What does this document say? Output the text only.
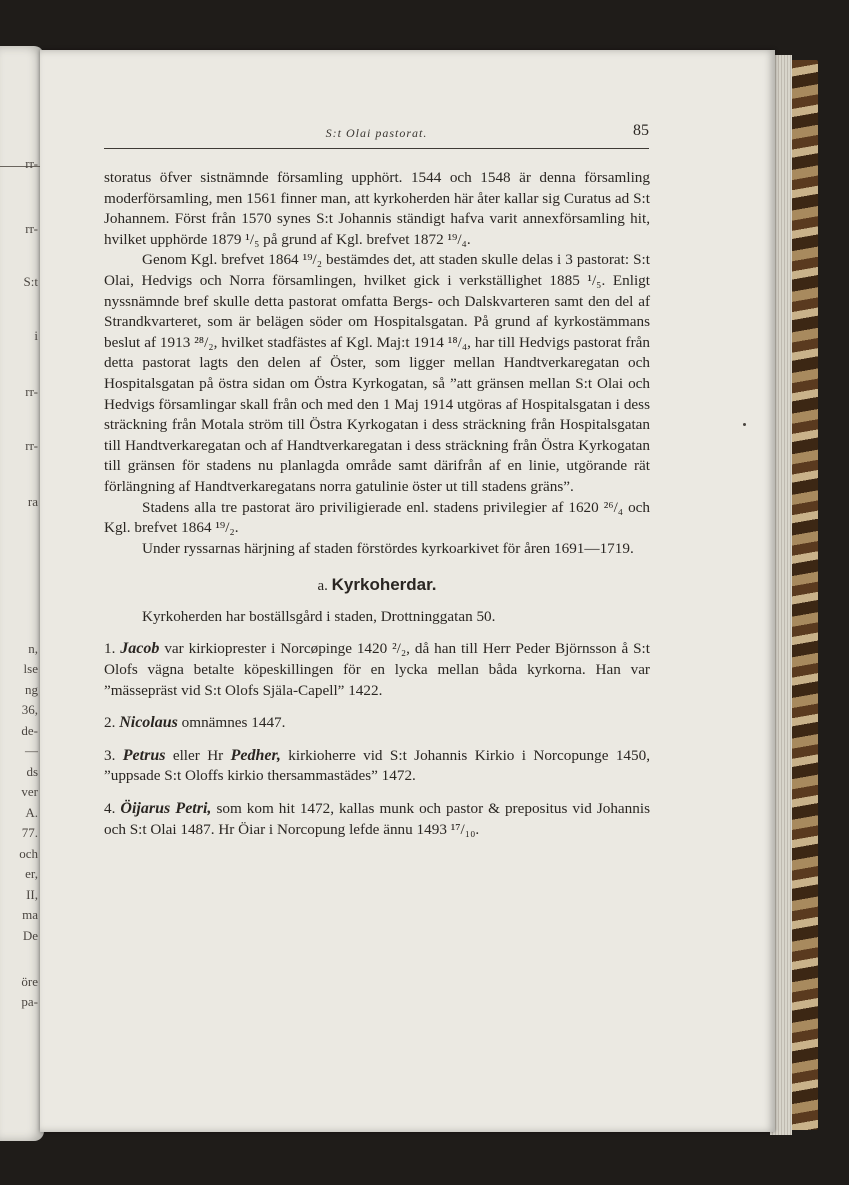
rr-
rr-
S:t
i
rr-
rr-
ra
n,
lse
ng
36,
de-
—
ds
ver
A.
77.
och
er,
II,
ma
De
öre
pa-
S:t Olai pastorat.	85

storatus öfver sistnämnde församling upphört. 1544 och 1548 är denna församling moderförsamling, men 1561 finner man, att kyrkoherden här åter kallar sig Curatus ad S:t Johannem. Först från 1570 synes S:t Johannis ständigt hafva varit annexförsamling hit, hvilket upphörde 1879 ¹/₅ på grund af Kgl. brefvet 1872 ¹⁹/₄.

Genom Kgl. brefvet 1864 ¹⁹/₂ bestämdes det, att staden skulle delas i 3 pastorat: S:t Olai, Hedvigs och Norra församlingen, hvilket gick i verkställighet 1885 ¹/₅. Enligt nyssnämnde bref skulle detta pastorat omfatta Bergs- och Dalskvarteren samt den del af Strandkvarteret, som är belägen söder om Hospitalsgatan. På grund af kyrkostämmans beslut af 1913 ²⁸/₂, hvilket stadfästes af Kgl. Maj:t 1914 ¹⁸/₄, har till Hedvigs pastorat från detta pastorat lagts den delen af Öster, som ligger mellan Handtverkaregatan och Hospitalsgatan på östra sidan om Östra Kyrkogatan, så ”att gränsen mellan S:t Olai och Hedvigs församlingar skall från och med den 1 Maj 1914 utgöras af Hospitalsgatan i dess sträckning från Motala ström till Östra Kyrkogatan i dess sträckning från Hospitalsgatan till Handtverkaregatan och af Handtverkaregatan i dess sträckning från Östra Kyrkogatan till gränsen för stadens nu planlagda område samt därifrån af en linie, utgörande rät förlängning af Handtverkaregatans norra gatulinie öster ut till stadens gräns”.

Stadens alla tre pastorat äro priviligierade enl. stadens privilegier af 1620 ²⁶/₄ och Kgl. brefvet 1864 ¹⁹/₂.

Under ryssarnas härjning af staden förstördes kyrkoarkivet för åren 1691—1719.

a. Kyrkoherdar.

Kyrkoherden har boställsgård i staden, Drottninggatan 50.

1. Jacob var kirkioprester i Norcøpinge 1420 ²/₂, då han till Herr Peder Björnsson å S:t Olofs vägna betalte köpeskillingen för en lycka mellan båda kyrkorna. Han var ”mässepräst vid S:t Olofs Själa-Capell” 1422.

2. Nicolaus omnämnes 1447.

3. Petrus eller Hr Pedher, kirkioherre vid S:t Johannis Kirkio i Norcopunge 1450, ”uppsade S:t Oloffs kirkio thersammastädes” 1472.

4. Öijarus Petri, som kom hit 1472, kallas munk och pastor & prepositus vid Johannis och S:t Olai 1487. Hr Öiar i Norcopung lefde ännu 1493 ¹⁷/₁₀.
